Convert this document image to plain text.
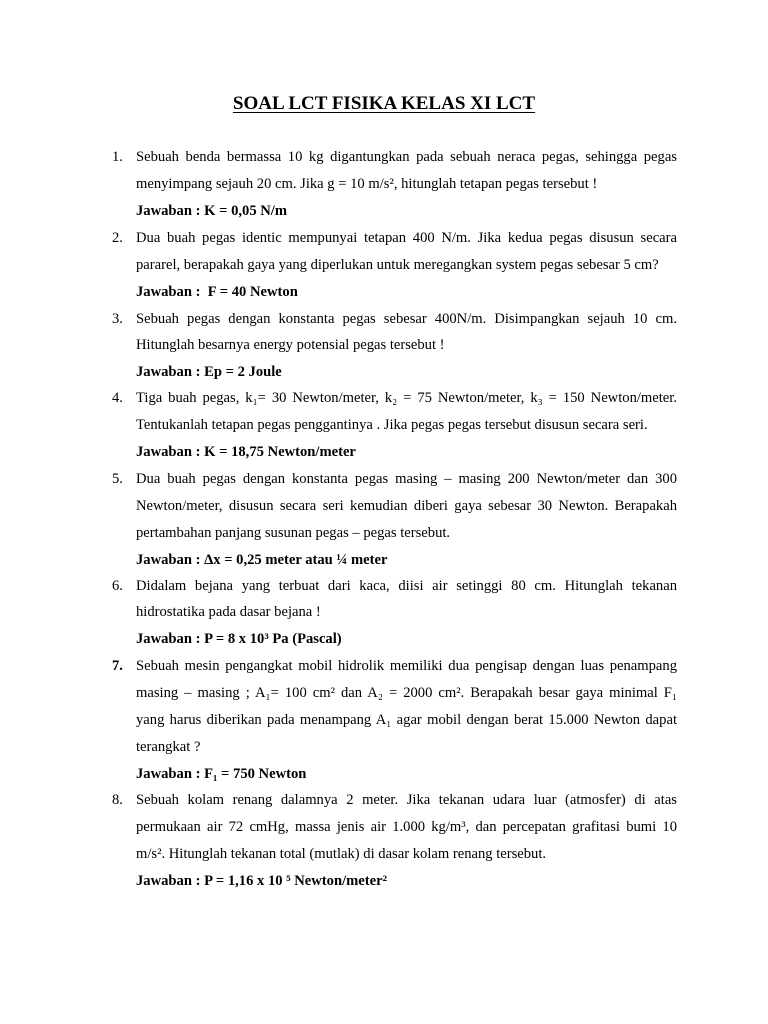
SOAL LCT FISIKA KELAS XI LCT
1. Sebuah benda bermassa 10 kg digantungkan pada sebuah neraca pegas, sehingga pegas
menyimpang sejauh 20 cm. Jika g = 10 m/s², hitunglah tetapan pegas tersebut !
Jawaban : K = 0,05 N/m
2. Dua buah pegas identic mempunyai tetapan 400 N/m. Jika kedua pegas disusun secara
pararel, berapakah gaya yang diperlukan untuk meregangkan system pegas sebesar 5 cm?
Jawaban :  F = 40 Newton
3. Sebuah pegas dengan konstanta pegas sebesar 400N/m. Disimpangkan sejauh 10 cm.
Hitunglah besarnya energy potensial pegas tersebut !
Jawaban : Ep = 2 Joule
4. Tiga buah pegas, k₁= 30 Newton/meter, k₂ = 75 Newton/meter, k₃ = 150 Newton/meter.
Tentukanlah tetapan pegas penggantinya . Jika pegas pegas tersebut disusun secara seri.
Jawaban : K = 18,75 Newton/meter
5. Dua buah pegas dengan konstanta pegas masing – masing 200 Newton/meter dan 300
Newton/meter, disusun secara seri kemudian diberi gaya sebesar 30 Newton. Berapakah
pertambahan panjang susunan pegas – pegas tersebut.
Jawaban : Δx = 0,25 meter atau ¼ meter
6. Didalam bejana yang terbuat dari kaca, diisi air setinggi 80 cm. Hitunglah tekanan
hidrostatika pada dasar bejana !
Jawaban : P = 8 x 10³ Pa (Pascal)
7. Sebuah mesin pengangkat mobil hidrolik memiliki dua pengisap dengan luas penampang
masing – masing ; A₁= 100 cm² dan A₂ = 2000 cm². Berapakah besar gaya minimal F₁
yang harus diberikan pada menampang A₁ agar mobil dengan berat 15.000 Newton dapat
terangkat ?
Jawaban : F₁ = 750 Newton
8. Sebuah kolam renang dalamnya 2 meter. Jika tekanan udara luar (atmosfer) di atas
permukaan air 72 cmHg, massa jenis air 1.000 kg/m³, dan percepatan grafitasi bumi 10
m/s². Hitunglah tekanan total (mutlak) di dasar kolam renang tersebut.
Jawaban : P = 1,16 x 10 ⁵ Newton/meter²
